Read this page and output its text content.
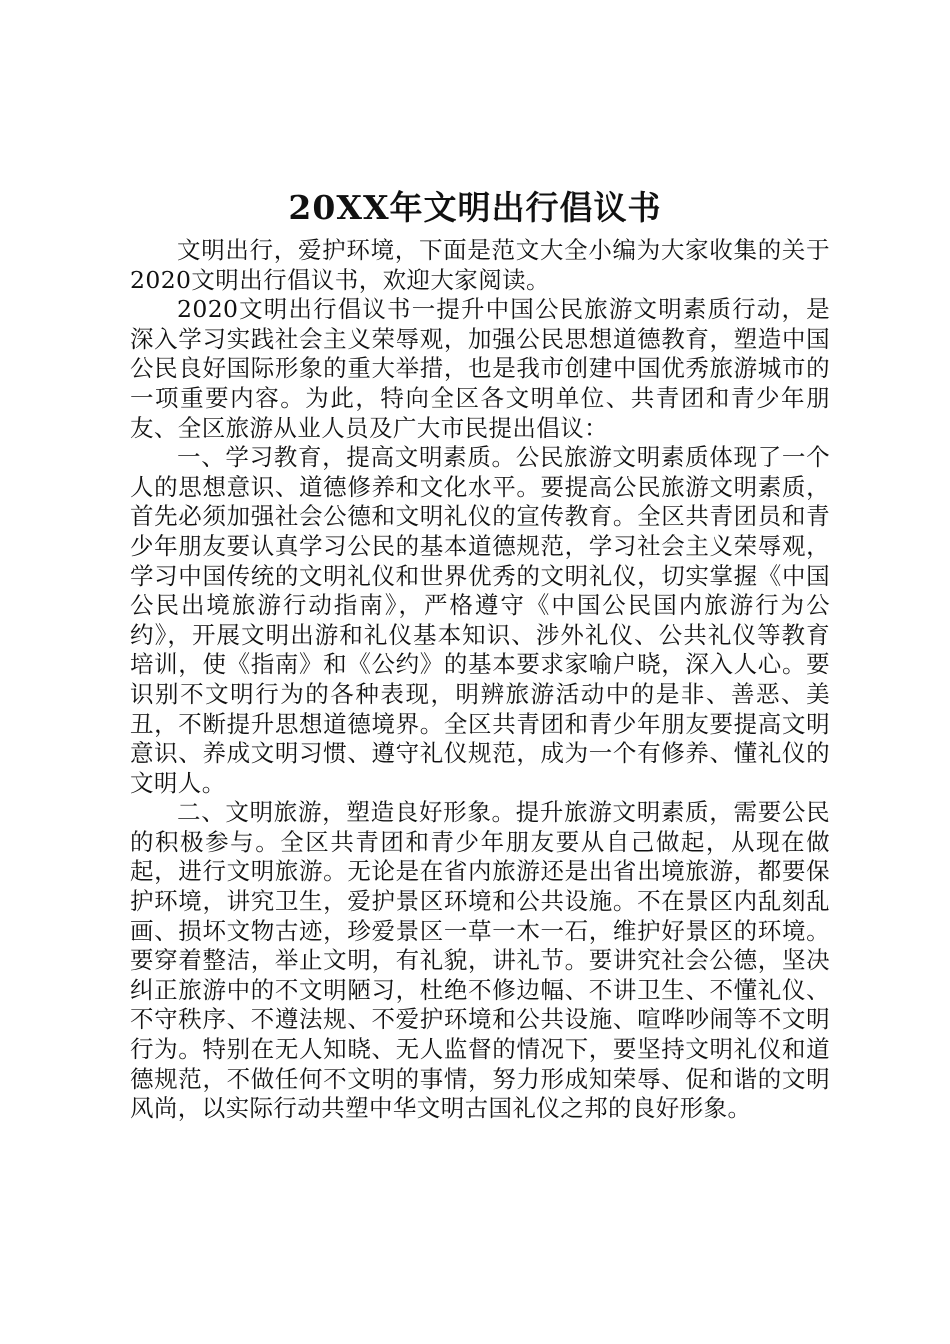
20XX年文明出行倡议书

文明出行，爱护环境，下面是范文大全小编为大家收集的关于2020文明出行倡议书，欢迎大家阅读。

2020文明出行倡议书一提升中国公民旅游文明素质行动，是深入学习实践社会主义荣辱观，加强公民思想道德教育，塑造中国公民良好国际形象的重大举措，也是我市创建中国优秀旅游城市的一项重要内容。为此，特向全区各文明单位、共青团和青少年朋友、全区旅游从业人员及广大市民提出倡议：

一、学习教育，提高文明素质。公民旅游文明素质体现了一个人的思想意识、道德修养和文化水平。要提高公民旅游文明素质，首先必须加强社会公德和文明礼仪的宣传教育。全区共青团员和青少年朋友要认真学习公民的基本道德规范，学习社会主义荣辱观，学习中国传统的文明礼仪和世界优秀的文明礼仪，切实掌握《中国公民出境旅游行动指南》，严格遵守《中国公民国内旅游行为公约》，开展文明出游和礼仪基本知识、涉外礼仪、公共礼仪等教育培训，使《指南》和《公约》的基本要求家喻户晓，深入人心。要识别不文明行为的各种表现，明辨旅游活动中的是非、善恶、美丑，不断提升思想道德境界。全区共青团和青少年朋友要提高文明意识、养成文明习惯、遵守礼仪规范，成为一个有修养、懂礼仪的文明人。

二、文明旅游，塑造良好形象。提升旅游文明素质，需要公民的积极参与。全区共青团和青少年朋友要从自己做起，从现在做起，进行文明旅游。无论是在省内旅游还是出省出境旅游，都要保护环境，讲究卫生，爱护景区环境和公共设施。不在景区内乱刻乱画、损坏文物古迹，珍爱景区一草一木一石，维护好景区的环境。要穿着整洁，举止文明，有礼貌，讲礼节。要讲究社会公德，坚决纠正旅游中的不文明陋习，杜绝不修边幅、不讲卫生、不懂礼仪、不守秩序、不遵法规、不爱护环境和公共设施、喧哗吵闹等不文明行为。特别在无人知晓、无人监督的情况下，要坚持文明礼仪和道德规范，不做任何不文明的事情，努力形成知荣辱、促和谐的文明风尚，以实际行动共塑中华文明古国礼仪之邦的良好形象。
